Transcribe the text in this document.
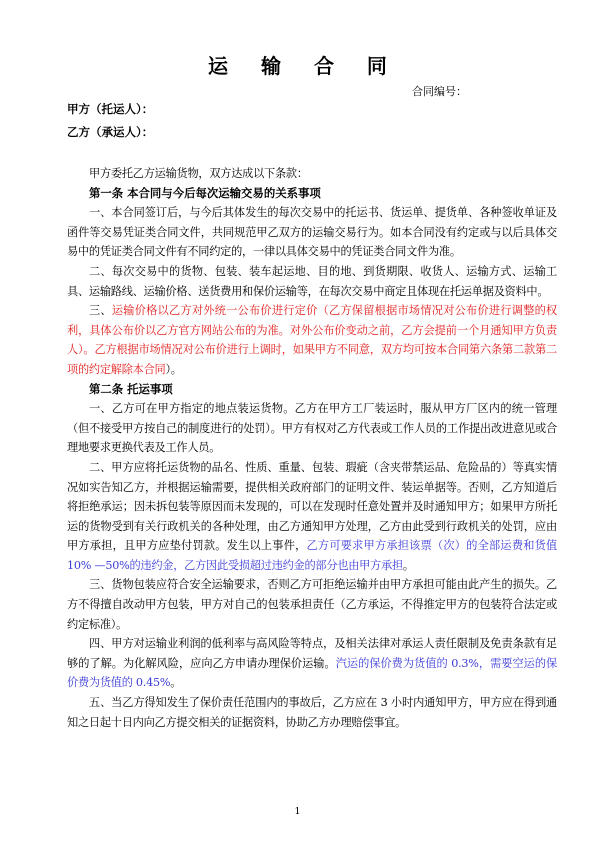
运 输 合 同
合同编号：
甲方（托运人）：
乙方（承运人）：

甲方委托乙方运输货物，双方达成以下条款：

第一条 本合同与今后每次运输交易的关系事项

一、本合同签订后，与今后其体发生的每次交易中的托运书、货运单、提货单、各种签收单证及函件等交易凭证类合同文件，共同规范甲乙双方的运输交易行为。如本合同没有约定或与以后具体交易中的凭证类合同文件有不同约定的，一律以具体交易中的凭证类合同文件为准。

二、每次交易中的货物、包装、装车起运地、目的地、到货期限、收货人、运输方式、运输工具、运输路线、运输价格、送货费用和保价运输等，在每次交易中商定且体现在托运单据及资料中。

三、运输价格以乙方对外统一公布价进行定价（乙方保留根据市场情况对公布价进行调整的权利，具体公布价以乙方官方网站公布的为准。对外公布价变动之前，乙方会提前一个月通知甲方负责人）。乙方根据市场情况对公布价进行上调时，如果甲方不同意，双方均可按本合同第六条第二款第二项的约定解除本合同）。

第二条 托运事项

一、乙方可在甲方指定的地点装运货物。乙方在甲方工厂装运时，服从甲方厂区内的统一管理（但不接受甲方按自己的制度进行的处罚）。甲方有权对乙方代表或工作人员的工作提出改进意见或合理地要求更换代表及工作人员。

二、甲方应将托运货物的品名、性质、重量、包装、瑕疵（含夹带禁运品、危险品的）等真实情况如实告知乙方，并根据运输需要，提供相关政府部门的证明文件、装运单据等。否则，乙方知道后将拒绝承运；因未拆包装等原因而未发现的，可以在发现时任意处置并及时通知甲方；如果甲方所托运的货物受到有关行政机关的各种处理，由乙方通知甲方处理，乙方由此受到行政机关的处罚，应由甲方承担，且甲方应垫付罚款。发生以上事件，乙方可要求甲方承担该票（次）的全部运费和货值 10% —50%的违约金，乙方因此受损超过违约金的部分也由甲方承担。

三、货物包装应符合安全运输要求，否则乙方可拒绝运输并由甲方承担可能由此产生的损失。乙方不得擅自改动甲方包装，甲方对自己的包装承担责任（乙方承运，不得推定甲方的包装符合法定或约定标准）。

四、甲方对运输业利润的低利率与高风险等特点，及相关法律对承运人责任限制及免责条款有足够的了解。为化解风险，应向乙方申请办理保价运输。汽运的保价费为货值的 0.3%，需要空运的保价费为货值的 0.45%。

五、当乙方得知发生了保价责任范围内的事故后，乙方应在 3 小时内通知甲方，甲方应在得到通知之日起十日内向乙方提交相关的证据资料，协助乙方办理赔偿事宜。

1
